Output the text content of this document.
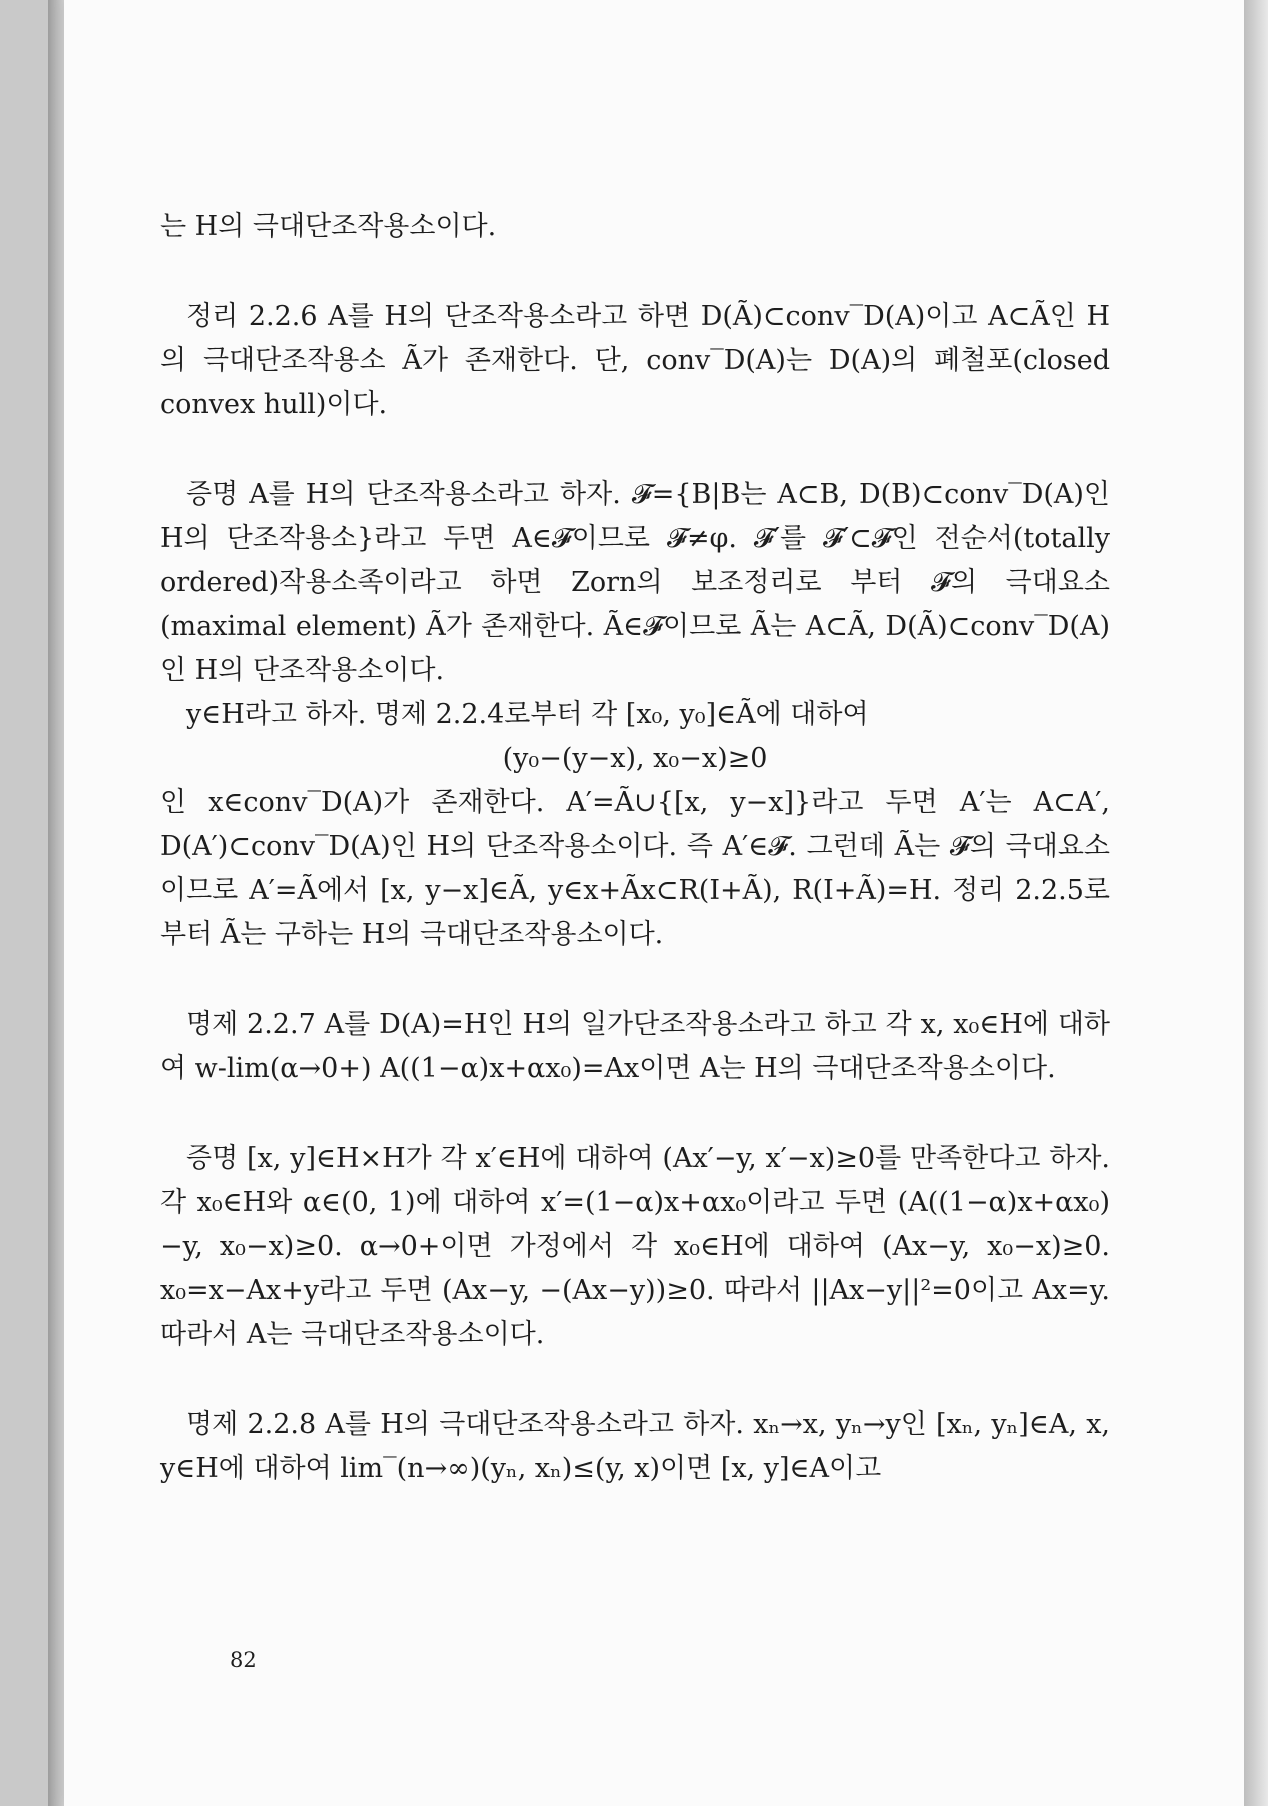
는 H의 극대단조작용소이다.

정리 2.2.6 A를 H의 단조작용소라고 하면 D(Ã)⊂conv‾D(A)이고 A⊂Ã인 H의 극대단조작용소 Ã가 존재한다. 단, conv‾D(A)는 D(A)의 폐철포(closed convex hull)이다.

증명 A를 H의 단조작용소라고 하자. 𝓕={B|B는 A⊂B, D(B)⊂conv‾D(A)인 H의 단조작용소}라고 두면 A∈𝓕이므로 𝓕≠φ. 𝓕′를 𝓕′⊂𝓕인 전순서(totally ordered)작용소족이라고 하면 Zorn의 보조정리로 부터 𝓕의 극대요소(maximal element) Ã가 존재한다. Ã∈𝓕이므로 Ã는 A⊂Ã, D(Ã)⊂conv‾D(A)인 H의 단조작용소이다.

y∈H라고 하자. 명제 2.2.4로부터 각 [x₀, y₀]∈Ã에 대하여

(y₀−(y−x), x₀−x)≥0

인 x∈conv‾D(A)가 존재한다. A′=Ã∪{[x, y−x]}라고 두면 A′는 A⊂A′, D(A′)⊂conv‾D(A)인 H의 단조작용소이다. 즉 A′∈𝓕. 그런데 Ã는 𝓕의 극대요소이므로 A′=Ã에서 [x, y−x]∈Ã, y∈x+Ãx⊂R(I+Ã), R(I+Ã)=H. 정리 2.2.5로부터 Ã는 구하는 H의 극대단조작용소이다.

명제 2.2.7 A를 D(A)=H인 H의 일가단조작용소라고 하고 각 x, x₀∈H에 대하여 w-lim(α→0+) A((1−α)x+αx₀)=Ax이면 A는 H의 극대단조작용소이다.

증명 [x, y]∈H×H가 각 x′∈H에 대하여 (Ax′−y, x′−x)≥0를 만족한다고 하자. 각 x₀∈H와 α∈(0, 1)에 대하여 x′=(1−α)x+αx₀이라고 두면 (A((1−α)x+αx₀)−y, x₀−x)≥0. α→0+이면 가정에서 각 x₀∈H에 대하여 (Ax−y, x₀−x)≥0. x₀=x−Ax+y라고 두면 (Ax−y, −(Ax−y))≥0. 따라서 ||Ax−y||²=0이고 Ax=y. 따라서 A는 극대단조작용소이다.

명제 2.2.8 A를 H의 극대단조작용소라고 하자. xₙ→x, yₙ→y인 [xₙ, yₙ]∈A, x, y∈H에 대하여 lim‾(n→∞)(yₙ, xₙ)≤(y, x)이면 [x, y]∈A이고

82
